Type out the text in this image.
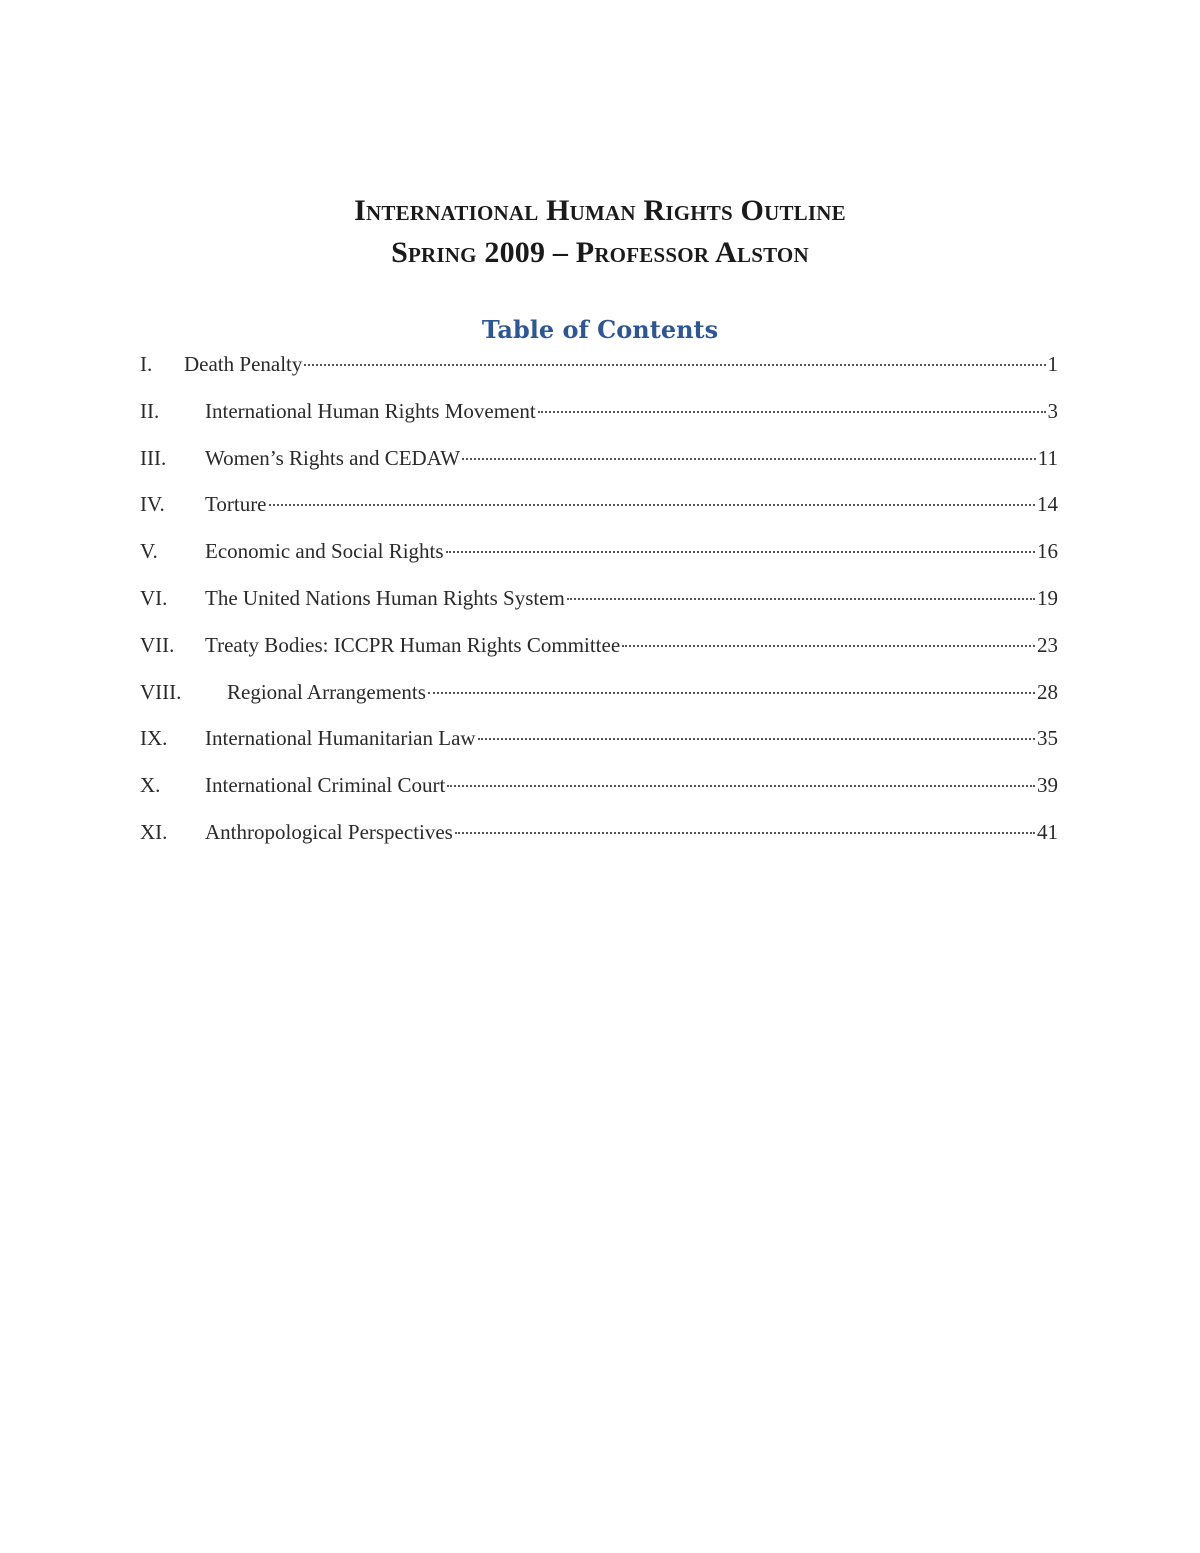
International Human Rights Outline
Spring 2009 – Professor Alston
Table of Contents
I.	Death Penalty	1
II.	International Human Rights Movement	3
III.	Women’s Rights and CEDAW	11
IV.	Torture	14
V.	Economic and Social Rights	16
VI.	The United Nations Human Rights System	19
VII.	Treaty Bodies: ICCPR Human Rights Committee	23
VIII.	Regional Arrangements	28
IX.	International Humanitarian Law	35
X.	International Criminal Court	39
XI.	Anthropological Perspectives	41
